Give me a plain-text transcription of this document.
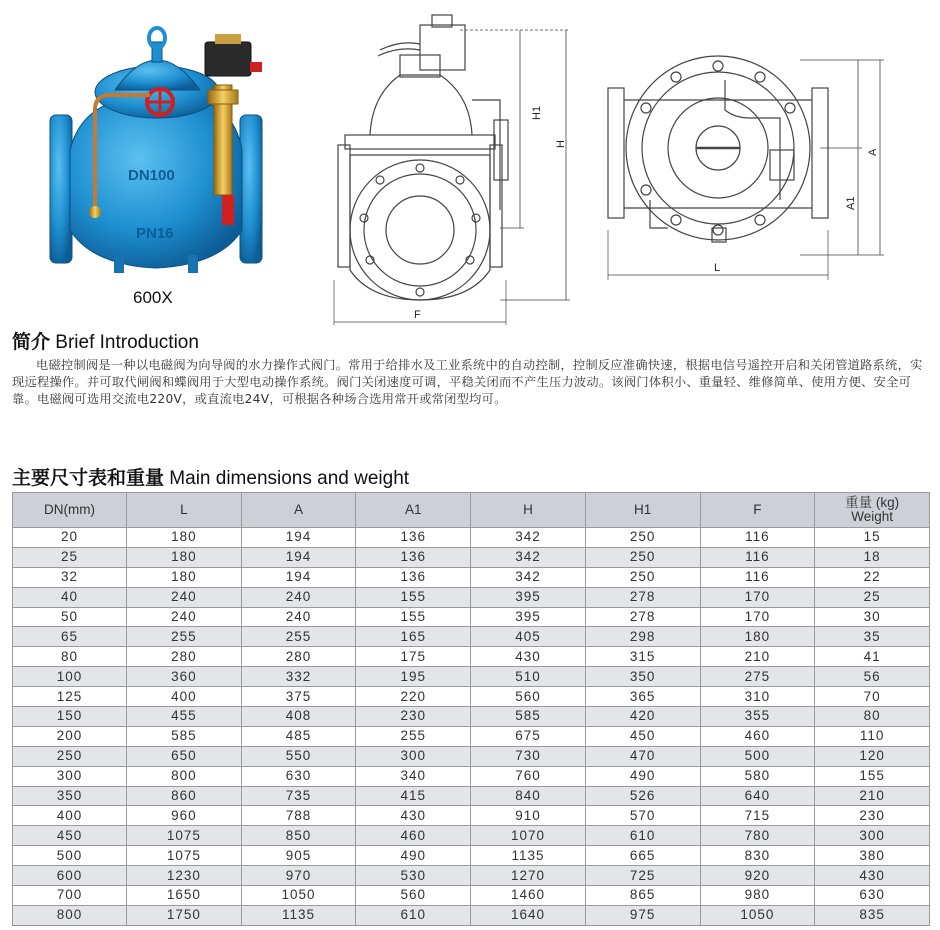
DN100
PN16
H1
H
F
A
A1
L
600X
简介 Brief Introduction
电磁控制阀是一种以电磁阀为向导阀的水力操作式阀门。常用于给排水及工业系统中的自动控制，控制反应准确快速，根据电信号遥控开启和关闭管道路系统，实现远程操作。并可取代闸阀和蝶阀用于大型电动操作系统。阀门关闭速度可调，平稳关闭而不产生压力波动。该阀门体积小、重量轻、维修简单、使用方便、安全可靠。电磁阀可选用交流电220V，或直流电24V，可根据各种场合选用常开或常闭型均可。
主要尺寸表和重量 Main dimensions and weight
DN(mm)	L	A	A1	H	H1	F	重量 (kg)
Weight
20	180	194	136	342	250	116	15
25	180	194	136	342	250	116	18
32	180	194	136	342	250	116	22
40	240	240	155	395	278	170	25
50	240	240	155	395	278	170	30
65	255	255	165	405	298	180	35
80	280	280	175	430	315	210	41
100	360	332	195	510	350	275	56
125	400	375	220	560	365	310	70
150	455	408	230	585	420	355	80
200	585	485	255	675	450	460	110
250	650	550	300	730	470	500	120
300	800	630	340	760	490	580	155
350	860	735	415	840	526	640	210
400	960	788	430	910	570	715	230
450	1075	850	460	1070	610	780	300
500	1075	905	490	1135	665	830	380
600	1230	970	530	1270	725	920	430
700	1650	1050	560	1460	865	980	630
800	1750	1135	610	1640	975	1050	835
